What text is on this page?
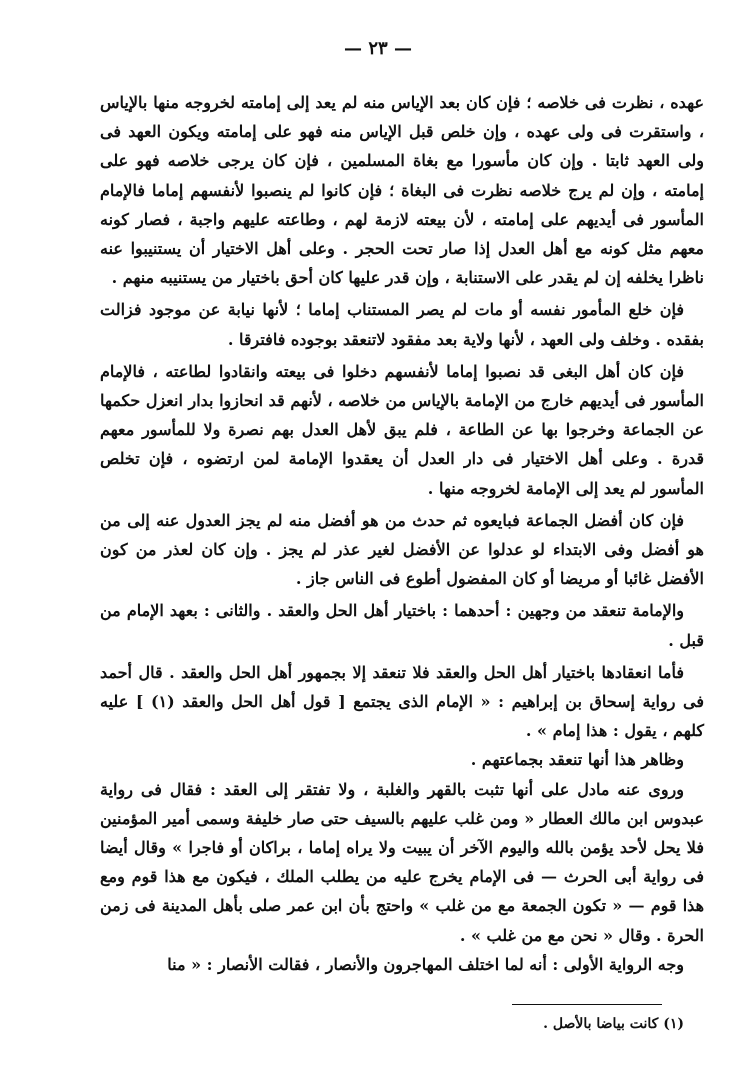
— ٢٣ —

عهده ، نظرت فى خلاصه ؛ فإن كان بعد الإياس منه لم يعد إلى إمامته لخروجه منها بالإياس ، واستقرت فى ولى عهده ، وإن خلص قبل الإياس منه فهو على إمامته ويكون العهد فى ولى العهد ثابتا . وإن كان مأسورا مع بغاة المسلمين ، فإن كان يرجى خلاصه فهو على إمامته ، وإن لم يرج خلاصه نظرت فى البغاة ؛ فإن كانوا لم ينصبوا لأنفسهم إماما فالإمام المأسور فى أيديهم على إمامته ، لأن بيعته لازمة لهم ، وطاعته عليهم واجبة ، فصار كونه معهم مثل كونه مع أهل العدل إذا صار تحت الحجر . وعلى أهل الاختيار أن يستنيبوا عنه ناظرا يخلفه إن لم يقدر على الاستنابة ، وإن قدر عليها كان أحق باختيار من يستنيبه منهم .

فإن خلع المأمور نفسه أو مات لم يصر المستناب إماما ؛ لأنها نيابة عن موجود فزالت بفقده . وخلف ولى العهد ، لأنها ولاية بعد مفقود لاتنعقد بوجوده فافترقا .

فإن كان أهل البغى قد نصبوا إماما لأنفسهم دخلوا فى بيعته وانقادوا لطاعته ، فالإمام المأسور فى أيديهم خارج من الإمامة بالإياس من خلاصه ، لأنهم قد انحازوا بدار انعزل حكمها عن الجماعة وخرجوا بها عن الطاعة ، فلم يبق لأهل العدل بهم نصرة ولا للمأسور معهم قدرة . وعلى أهل الاختيار فى دار العدل أن يعقدوا الإمامة لمن ارتضوه ، فإن تخلص المأسور لم يعد إلى الإمامة لخروجه منها .

فإن كان أفضل الجماعة فبايعوه ثم حدث من هو أفضل منه لم يجز العدول عنه إلى من هو أفضل وفى الابتداء لو عدلوا عن الأفضل لغير عذر لم يجز . وإن كان لعذر من كون الأفضل غائبا أو مريضا أو كان المفضول أطوع فى الناس جاز .

والإمامة تنعقد من وجهين : أحدهما : باختيار أهل الحل والعقد . والثانى : بعهد الإمام من قبل .

فأما انعقادها باختيار أهل الحل والعقد فلا تنعقد إلا بجمهور أهل الحل والعقد . قال أحمد فى رواية إسحاق بن إبراهيم : « الإمام الذى يجتمع [ قول أهل الحل والعقد (١) ] عليه كلهم ، يقول : هذا إمام » .

وظاهر هذا أنها تنعقد بجماعتهم .

وروى عنه مادل على أنها تثبت بالقهر والغلبة ، ولا تفتقر إلى العقد : فقال فى رواية عبدوس ابن مالك العطار « ومن غلب عليهم بالسيف حتى صار خليفة وسمى أمير المؤمنين فلا يحل لأحد يؤمن بالله واليوم الآخر أن يبيت ولا يراه إماما ، براكان أو فاجرا » وقال أيضا فى رواية أبى الحرث — فى الإمام يخرج عليه من يطلب الملك ، فيكون مع هذا قوم ومع هذا قوم — « تكون الجمعة مع من غلب » واحتج بأن ابن عمر صلى بأهل المدينة فى زمن الحرة . وقال « نحن مع من غلب » .

وجه الرواية الأولى : أنه لما اختلف المهاجرون والأنصار ، فقالت الأنصار : « منا

(١) كانت بياضا بالأصل .
